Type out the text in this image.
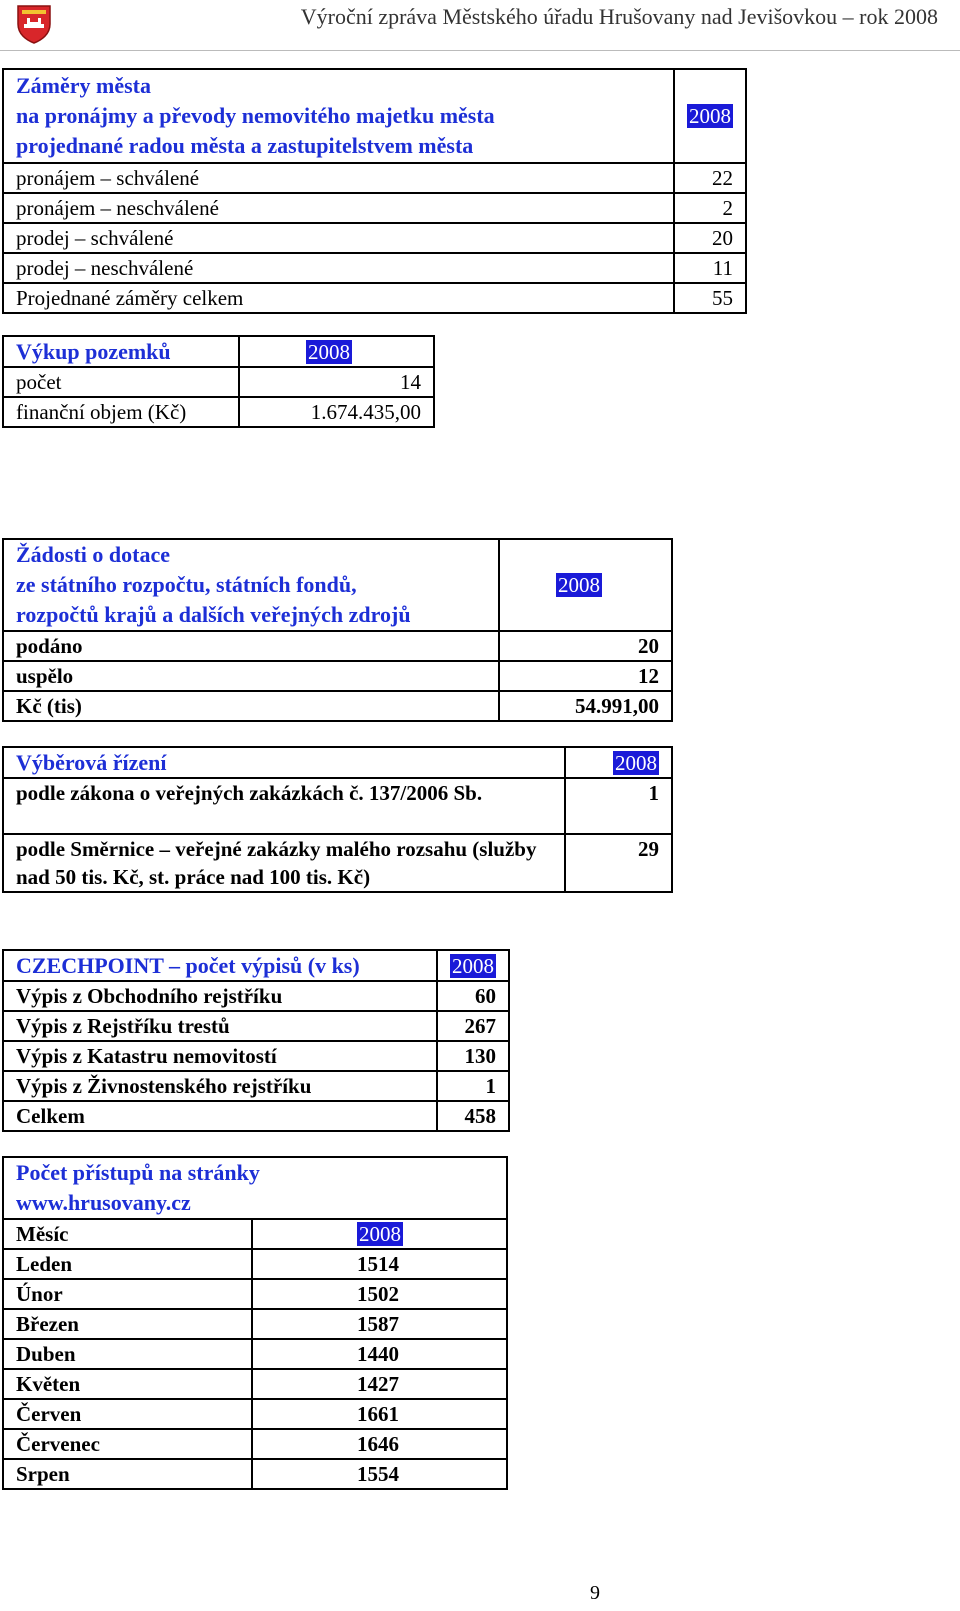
Výroční zpráva Městského úřadu Hrušovany nad Jevišovkou – rok 2008
Záměry města
na pronájmy a převody nemovitého majetku města
projednané radou města a zastupitelstvem města	2008
pronájem – schválené	22
pronájem – neschválené	2
prodej – schválené	20
prodej – neschválené	11
Projednané záměry celkem	55
Výkup pozemků	2008
počet	14
finanční objem (Kč)	1.674.435,00
Žádosti o dotace
ze státního rozpočtu, státních fondů,
rozpočtů krajů a dalších veřejných zdrojů	2008
podáno	20
uspělo	12
Kč (tis)	54.991,00
Výběrová řízení	2008
podle zákona o veřejných zakázkách č. 137/2006 Sb.	1
podle Směrnice – veřejné zakázky malého rozsahu (služby nad 50 tis. Kč, st. práce nad 100 tis. Kč)	29
CZECHPOINT – počet výpisů (v ks)	2008
Výpis z Obchodního rejstříku	60
Výpis z Rejstříku trestů	267
Výpis z Katastru nemovitostí	130
Výpis z Živnostenského rejstříku	1
Celkem	458
Počet přístupů na stránky
www.hrusovany.cz	

Měsíc	2008
Leden	1514
Únor	1502
Březen	1587
Duben	1440
Květen	1427
Červen	1661
Červenec	1646
Srpen	1554
9
